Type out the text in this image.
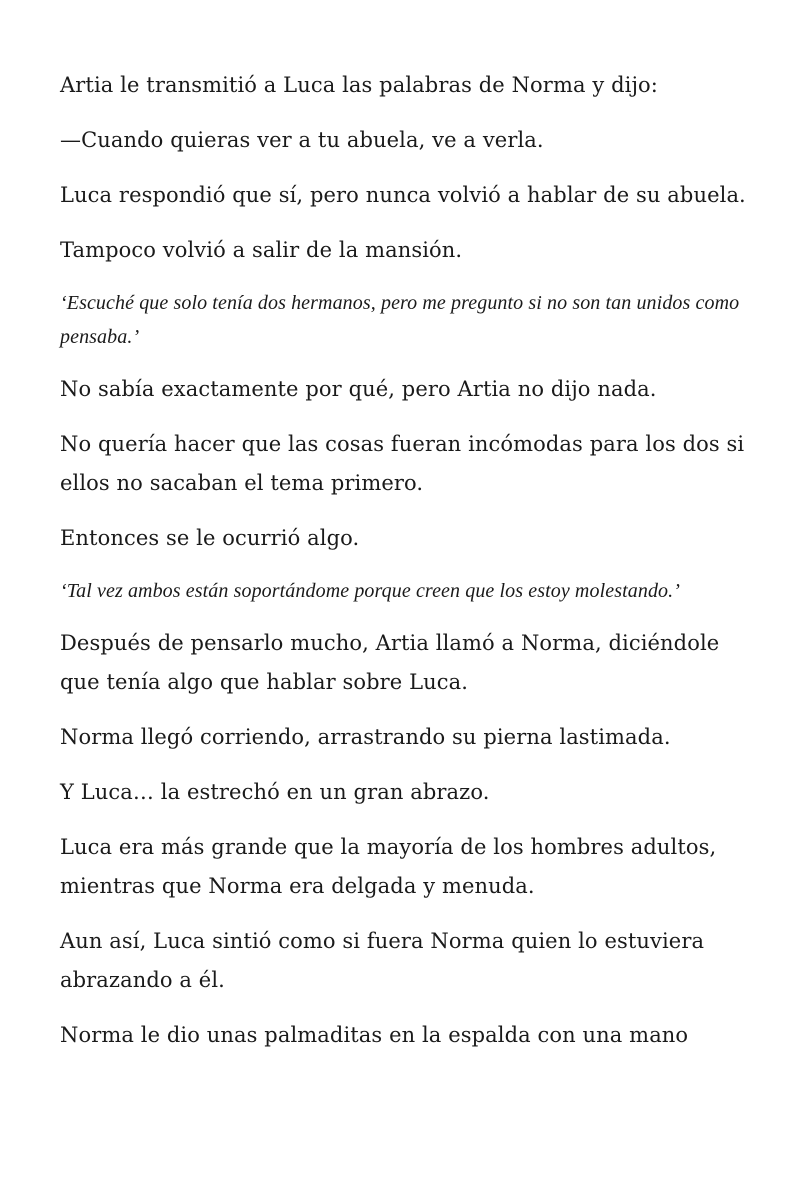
Artia le transmitió a Luca las palabras de Norma y dijo:

—Cuando quieras ver a tu abuela, ve a verla.

Luca respondió que sí, pero nunca volvió a hablar de su abuela.

Tampoco volvió a salir de la mansión.

‘Escuché que solo tenía dos hermanos, pero me pregunto si no son tan unidos como pensaba.’

No sabía exactamente por qué, pero Artia no dijo nada.

No quería hacer que las cosas fueran incómodas para los dos si ellos no sacaban el tema primero.

Entonces se le ocurrió algo.

‘Tal vez ambos están soportándome porque creen que los estoy molestando.’

Después de pensarlo mucho, Artia llamó a Norma, diciéndole que tenía algo que hablar sobre Luca.

Norma llegó corriendo, arrastrando su pierna lastimada.

Y Luca… la estrechó en un gran abrazo.

Luca era más grande que la mayoría de los hombres adultos, mientras que Norma era delgada y menuda.

Aun así, Luca sintió como si fuera Norma quien lo estuviera abrazando a él.

Norma le dio unas palmaditas en la espalda con una mano
